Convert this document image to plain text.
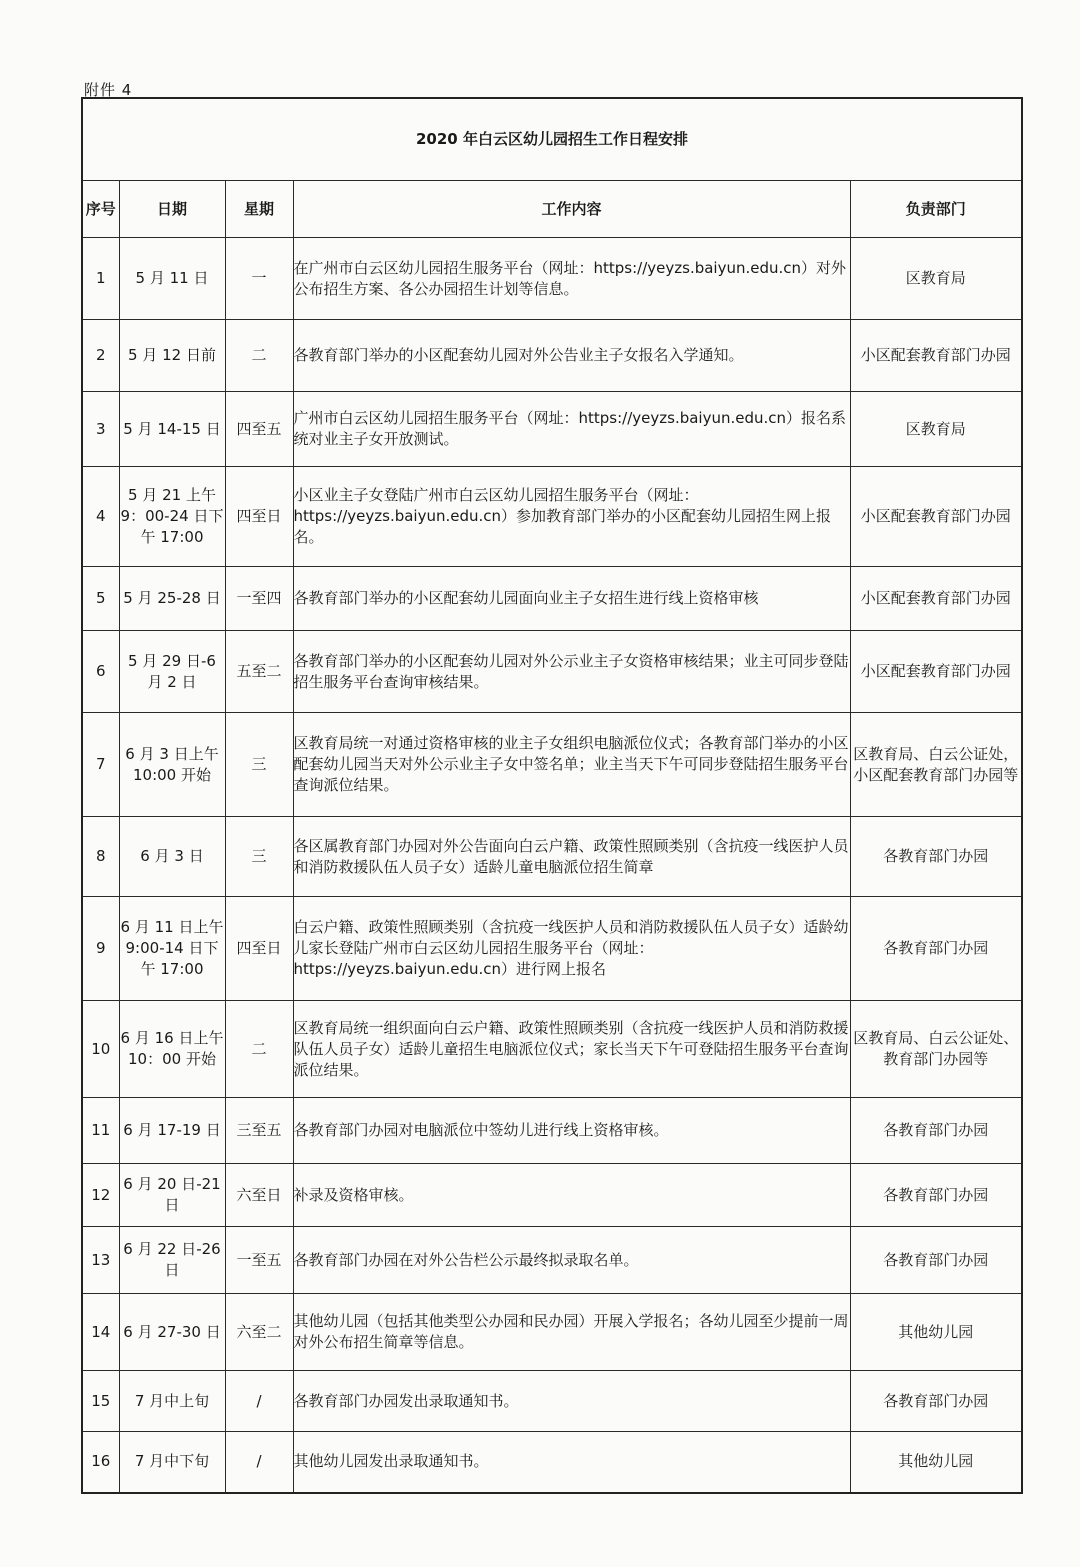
附件 4
2020 年白云区幼儿园招生工作日程安排				
序号	日期	星期	工作内容	负责部门
1	5 月 11 日	一	在广州市白云区幼儿园招生服务平台（网址：https://yeyzs.baiyun.edu.cn）对外公布招生方案、各公办园招生计划等信息。	区教育局
2	5 月 12 日前	二	各教育部门举办的小区配套幼儿园对外公告业主子女报名入学通知。	小区配套教育部门办园
3	5 月 14-15 日	四至五	广州市白云区幼儿园招生服务平台（网址：https://yeyzs.baiyun.edu.cn）报名系统对业主子女开放测试。	区教育局
4	5 月 21 上午 9：00-24 日下午 17:00	四至日	小区业主子女登陆广州市白云区幼儿园招生服务平台（网址：https://yeyzs.baiyun.edu.cn）参加教育部门举办的小区配套幼儿园招生网上报名。	小区配套教育部门办园
5	5 月 25-28 日	一至四	各教育部门举办的小区配套幼儿园面向业主子女招生进行线上资格审核	小区配套教育部门办园
6	5 月 29 日-6 月 2 日	五至二	各教育部门举办的小区配套幼儿园对外公示业主子女资格审核结果；业主可同步登陆招生服务平台查询审核结果。	小区配套教育部门办园
7	6 月 3 日上午 10:00 开始	三	区教育局统一对通过资格审核的业主子女组织电脑派位仪式；各教育部门举办的小区配套幼儿园当天对外公示业主子女中签名单；业主当天下午可同步登陆招生服务平台查询派位结果。	区教育局、白云公证处，小区配套教育部门办园等
8	6 月 3 日	三	各区属教育部门办园对外公告面向白云户籍、政策性照顾类别（含抗疫一线医护人员和消防救援队伍人员子女）适龄儿童电脑派位招生简章	各教育部门办园
9	6 月 11 日上午 9:00-14 日下午 17:00	四至日	白云户籍、政策性照顾类别（含抗疫一线医护人员和消防救援队伍人员子女）适龄幼儿家长登陆广州市白云区幼儿园招生服务平台（网址：https://yeyzs.baiyun.edu.cn）进行网上报名	各教育部门办园
10	6 月 16 日上午 10：00 开始	二	区教育局统一组织面向白云户籍、政策性照顾类别（含抗疫一线医护人员和消防救援队伍人员子女）适龄儿童招生电脑派位仪式；家长当天下午可登陆招生服务平台查询派位结果。	区教育局、白云公证处、教育部门办园等
11	6 月 17-19 日	三至五	各教育部门办园对电脑派位中签幼儿进行线上资格审核。	各教育部门办园
12	6 月 20 日-21 日	六至日	补录及资格审核。	各教育部门办园
13	6 月 22 日-26 日	一至五	各教育部门办园在对外公告栏公示最终拟录取名单。	各教育部门办园
14	6 月 27-30 日	六至二	其他幼儿园（包括其他类型公办园和民办园）开展入学报名；各幼儿园至少提前一周对外公布招生简章等信息。	其他幼儿园
15	7 月中上旬	/	各教育部门办园发出录取通知书。	各教育部门办园
16	7 月中下旬	/	其他幼儿园发出录取通知书。	其他幼儿园
